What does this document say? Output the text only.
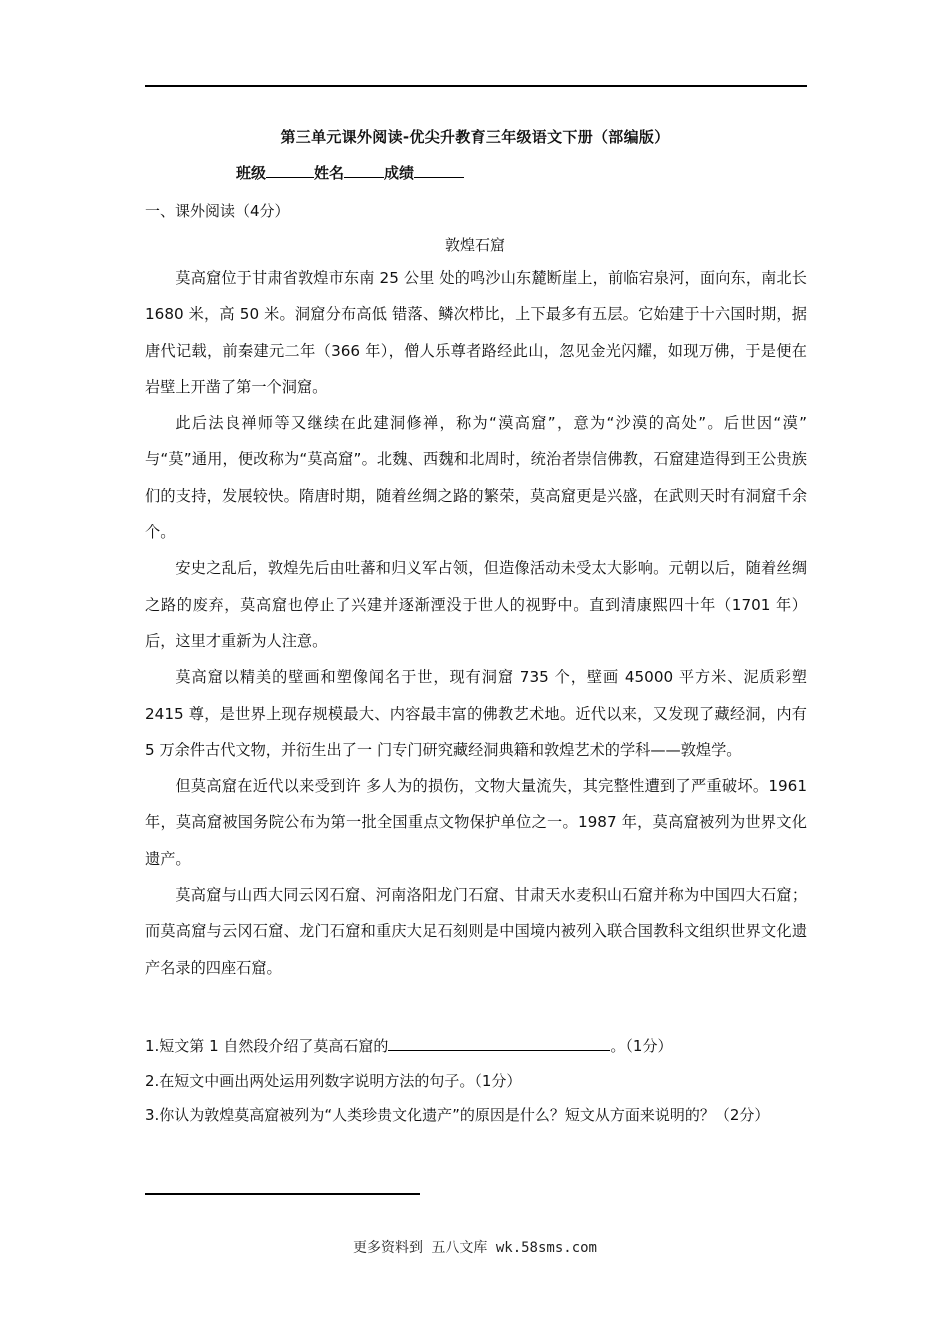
第三单元课外阅读-优尖升教育三年级语文下册（部编版）
班级	姓名	成绩
一、课外阅读（4分）
敦煌石窟

莫高窟位于甘肃省敦煌市东南 25 公里 处的鸣沙山东麓断崖上，前临宕泉河，面向东，南北长 1680 米，高 50 米。洞窟分布高低 错落、鳞次栉比，上下最多有五层。它始建于十六国时期，据唐代记载，前秦建元二年（366 年），僧人乐尊者路经此山，忽见金光闪耀，如现万佛，于是便在岩壁上开凿了第一个洞窟。

此后法良禅师等又继续在此建洞修禅，称为“漠高窟”，意为“沙漠的高处”。后世因“漠” 与“莫”通用，便改称为“莫高窟”。北魏、西魏和北周时，统治者崇信佛教，石窟建造得到王公贵族们的支持，发展较快。隋唐时期，随着丝绸之路的繁荣，莫高窟更是兴盛，在武则天时有洞窟千余个。

安史之乱后，敦煌先后由吐蕃和归义军占领，但造像活动未受太大影响。元朝以后，随着丝绸之路的废弃，莫高窟也停止了兴建并逐渐湮没于世人的视野中。直到清康熙四十年（1701 年）后，这里才重新为人注意。

莫高窟以精美的壁画和塑像闻名于世，现有洞窟 735 个，壁画 45000 平方米、泥质彩塑 2415 尊，是世界上现存规模最大、内容最丰富的佛教艺术地。近代以来，又发现了藏经洞，内有 5 万余件古代文物，并衍生出了一 门专门研究藏经洞典籍和敦煌艺术的学科——敦煌学。

但莫高窟在近代以来受到许 多人为的损伤，文物大量流失，其完整性遭到了严重破坏。1961 年，莫高窟被国务院公布为第一批全国重点文物保护单位之一。1987 年，莫高窟被列为世界文化遗产。

莫高窟与山西大同云冈石窟、河南洛阳龙门石窟、甘肃天水麦积山石窟并称为中国四大石窟；而莫高窟与云冈石窟、龙门石窟和重庆大足石刻则是中国境内被列入联合国教科文组织世界文化遗产名录的四座石窟。

1.短文第 1 自然段介绍了莫高石窟的	。（1分）

2.在短文中画出两处运用列数字说明方法的句子。（1分）

3.你认为敦煌莫高窟被列为“人类珍贵文化遗产”的原因是什么？短文从方面来说明的？（2分）

更多资料到 五八文库 wk.58sms.com
